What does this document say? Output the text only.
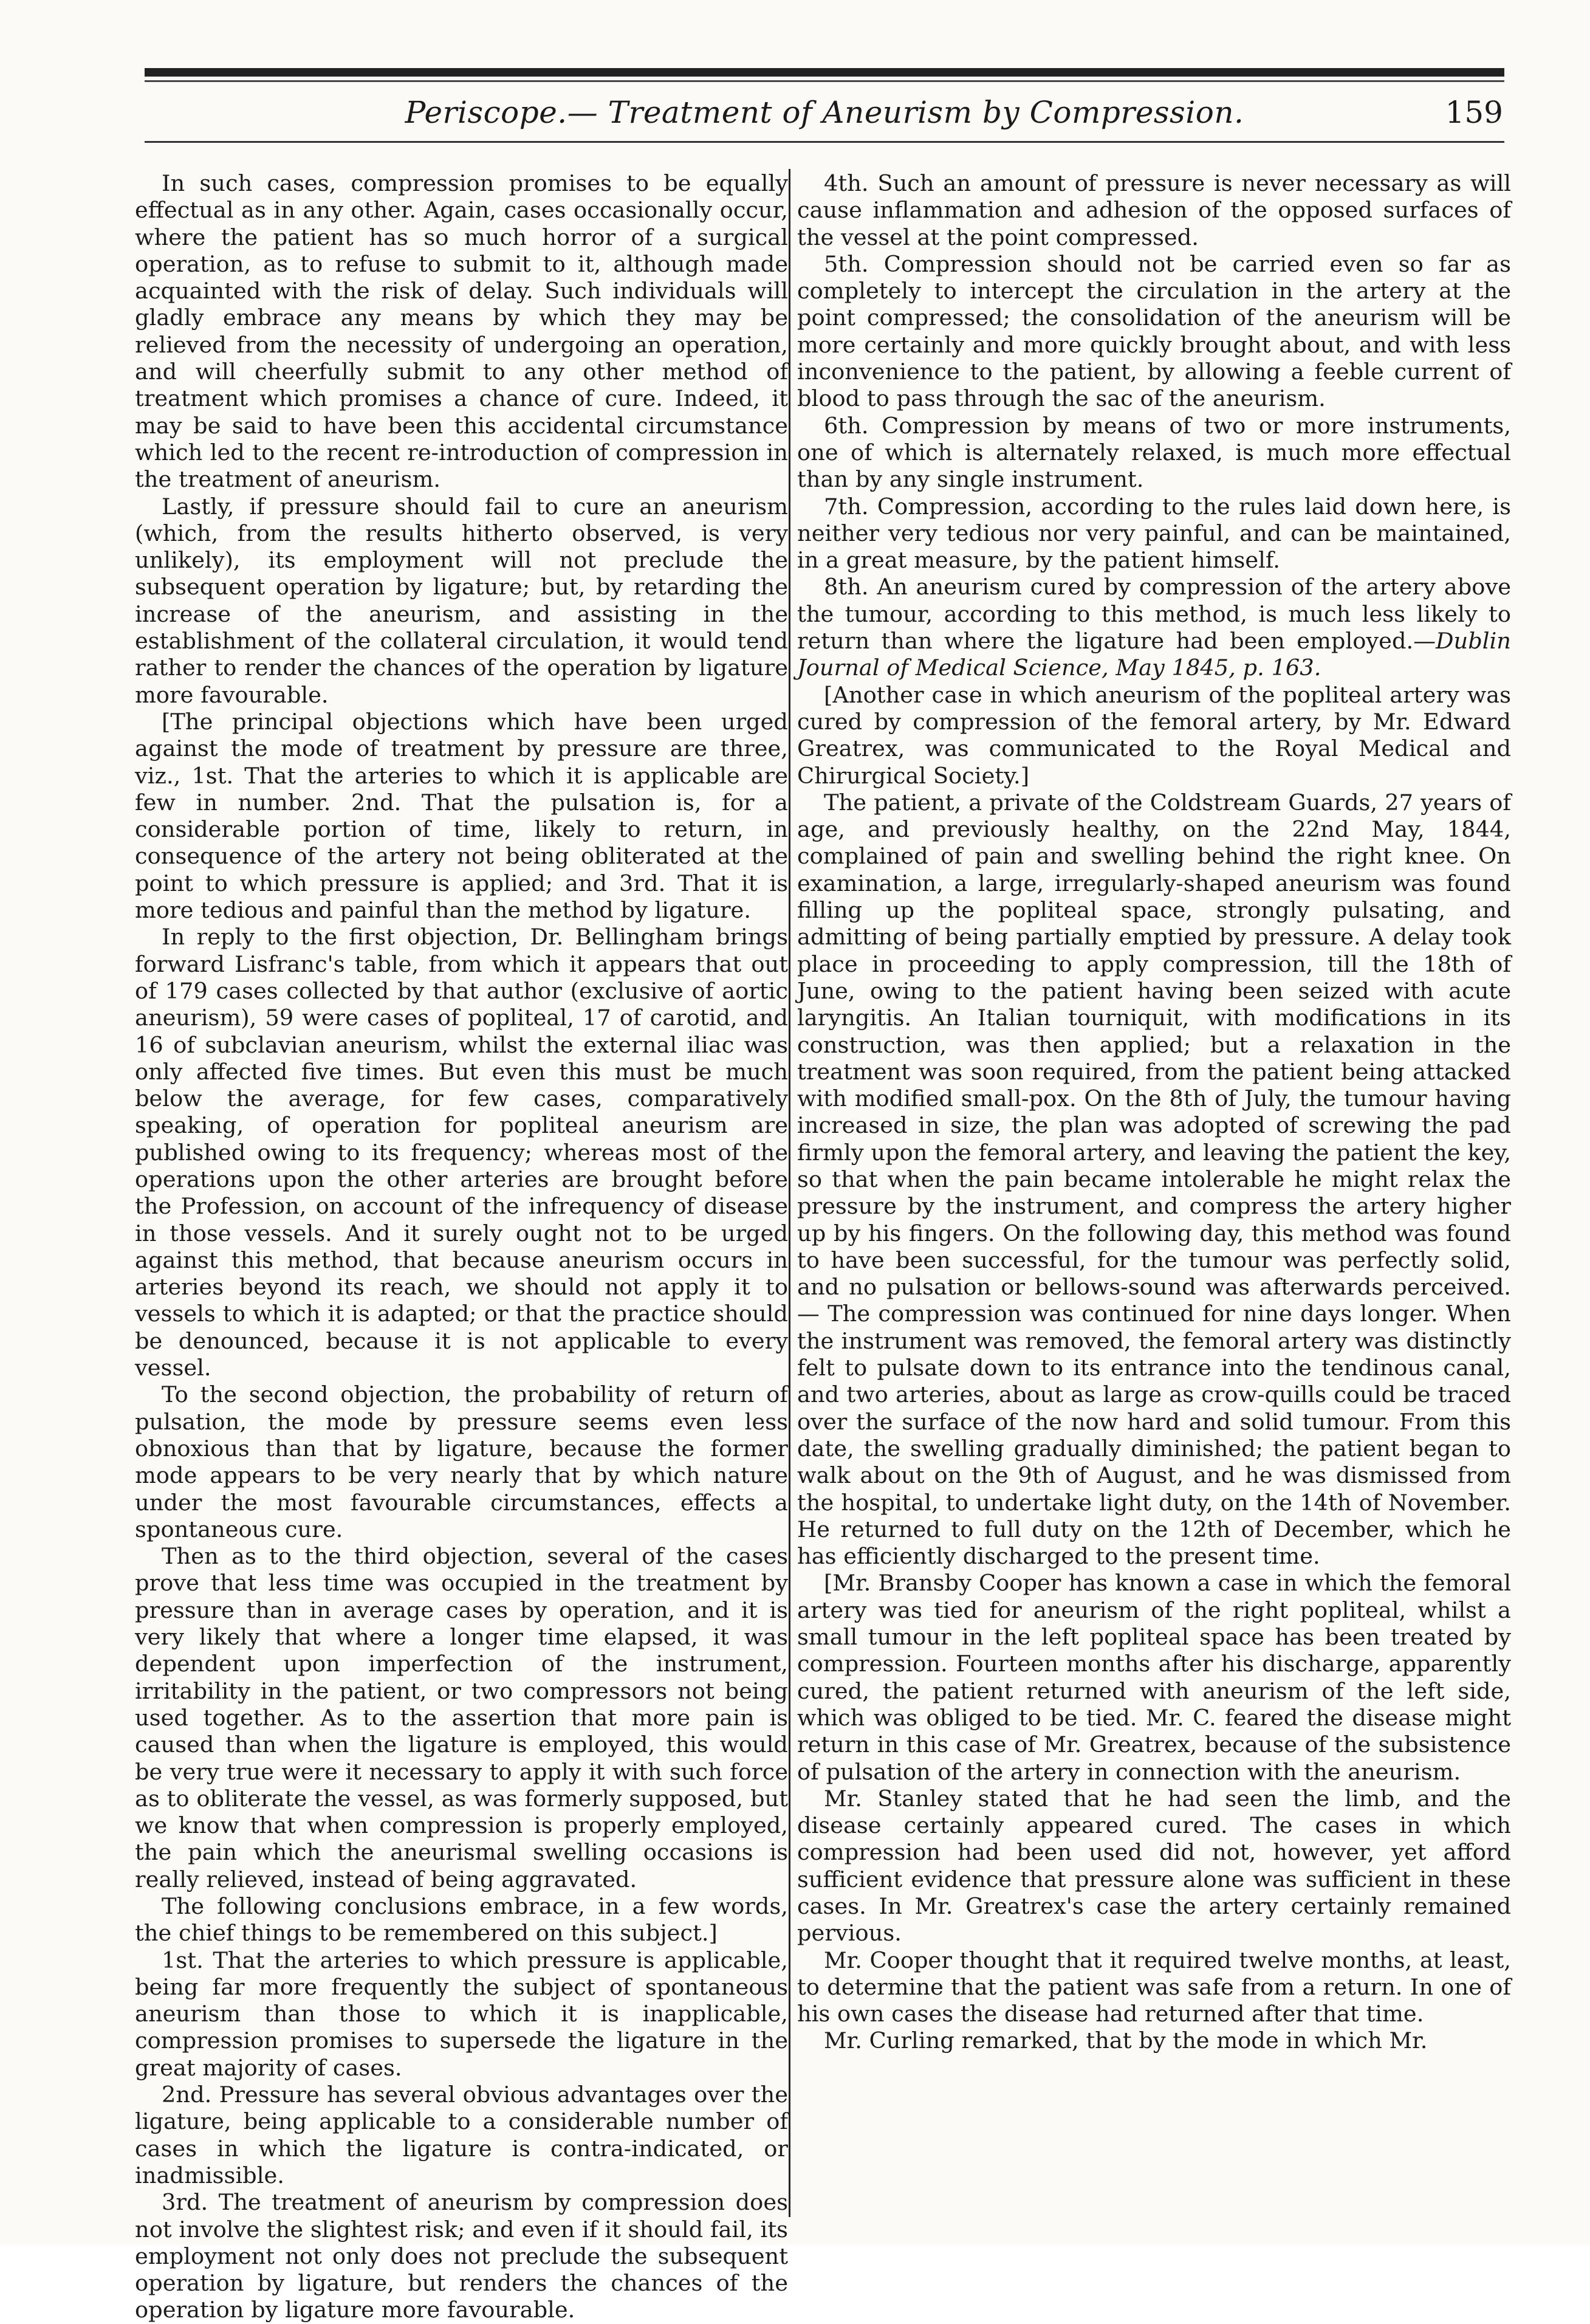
Periscope.— Treatment of Aneurism by Compression.	159

In such cases, compression promises to be equally effectual as in any other. Again, cases occasionally occur, where the patient has so much horror of a surgical operation, as to refuse to submit to it, although made acquainted with the risk of delay. Such individuals will gladly embrace any means by which they may be relieved from the necessity of undergoing an operation, and will cheerfully submit to any other method of treatment which promises a chance of cure. Indeed, it may be said to have been this accidental circumstance which led to the recent re-introduction of compression in the treatment of aneurism.

Lastly, if pressure should fail to cure an aneurism (which, from the results hitherto observed, is very unlikely), its employment will not preclude the subsequent operation by ligature; but, by retarding the increase of the aneurism, and assisting in the establishment of the collateral circulation, it would tend rather to render the chances of the operation by ligature more favourable.

[The principal objections which have been urged against the mode of treatment by pressure are three, viz., 1st. That the arteries to which it is applicable are few in number. 2nd. That the pulsation is, for a considerable portion of time, likely to return, in consequence of the artery not being obliterated at the point to which pressure is applied; and 3rd. That it is more tedious and painful than the method by ligature.

In reply to the first objection, Dr. Bellingham brings forward Lisfranc's table, from which it appears that out of 179 cases collected by that author (exclusive of aortic aneurism), 59 were cases of popliteal, 17 of carotid, and 16 of subclavian aneurism, whilst the external iliac was only affected five times. But even this must be much below the average, for few cases, comparatively speaking, of operation for popliteal aneurism are published owing to its frequency; whereas most of the operations upon the other arteries are brought before the Profession, on account of the infrequency of disease in those vessels. And it surely ought not to be urged against this method, that because aneurism occurs in arteries beyond its reach, we should not apply it to vessels to which it is adapted; or that the practice should be denounced, because it is not applicable to every vessel.

To the second objection, the probability of return of pulsation, the mode by pressure seems even less obnoxious than that by ligature, because the former mode appears to be very nearly that by which nature under the most favourable circumstances, effects a spontaneous cure.

Then as to the third objection, several of the cases prove that less time was occupied in the treatment by pressure than in average cases by operation, and it is very likely that where a longer time elapsed, it was dependent upon imperfection of the instrument, irritability in the patient, or two compressors not being used together. As to the assertion that more pain is caused than when the ligature is employed, this would be very true were it necessary to apply it with such force as to obliterate the vessel, as was formerly supposed, but we know that when compression is properly employed, the pain which the aneurismal swelling occasions is really relieved, instead of being aggravated.

The following conclusions embrace, in a few words, the chief things to be remembered on this subject.]

1st. That the arteries to which pressure is applicable, being far more frequently the subject of spontaneous aneurism than those to which it is inapplicable, compression promises to supersede the ligature in the great majority of cases.

2nd. Pressure has several obvious advantages over the ligature, being applicable to a considerable number of cases in which the ligature is contra-indicated, or inadmissible.

3rd. The treatment of aneurism by compression does not involve the slightest risk; and even if it should fail, its employment not only does not preclude the subsequent operation by ligature, but renders the chances of the operation by ligature more favourable.

4th. Such an amount of pressure is never necessary as will cause inflammation and adhesion of the opposed surfaces of the vessel at the point compressed.

5th. Compression should not be carried even so far as completely to intercept the circulation in the artery at the point compressed; the consolidation of the aneurism will be more certainly and more quickly brought about, and with less inconvenience to the patient, by allowing a feeble current of blood to pass through the sac of the aneurism.

6th. Compression by means of two or more instruments, one of which is alternately relaxed, is much more effectual than by any single instrument.

7th. Compression, according to the rules laid down here, is neither very tedious nor very painful, and can be maintained, in a great measure, by the patient himself.

8th. An aneurism cured by compression of the artery above the tumour, according to this method, is much less likely to return than where the ligature had been employed.—Dublin Journal of Medical Science, May 1845, p. 163.

[Another case in which aneurism of the popliteal artery was cured by compression of the femoral artery, by Mr. Edward Greatrex, was communicated to the Royal Medical and Chirurgical Society.]

The patient, a private of the Coldstream Guards, 27 years of age, and previously healthy, on the 22nd May, 1844, complained of pain and swelling behind the right knee. On examination, a large, irregularly-shaped aneurism was found filling up the popliteal space, strongly pulsating, and admitting of being partially emptied by pressure. A delay took place in proceeding to apply compression, till the 18th of June, owing to the patient having been seized with acute laryngitis. An Italian tourniquit, with modifications in its construction, was then applied; but a relaxation in the treatment was soon required, from the patient being attacked with modified small-pox. On the 8th of July, the tumour having increased in size, the plan was adopted of screwing the pad firmly upon the femoral artery, and leaving the patient the key, so that when the pain became intolerable he might relax the pressure by the instrument, and compress the artery higher up by his fingers. On the following day, this method was found to have been successful, for the tumour was perfectly solid, and no pulsation or bellows-sound was afterwards perceived.— The compression was continued for nine days longer. When the instrument was removed, the femoral artery was distinctly felt to pulsate down to its entrance into the tendinous canal, and two arteries, about as large as crow-quills could be traced over the surface of the now hard and solid tumour. From this date, the swelling gradually diminished; the patient began to walk about on the 9th of August, and he was dismissed from the hospital, to undertake light duty, on the 14th of November. He returned to full duty on the 12th of December, which he has efficiently discharged to the present time.

[Mr. Bransby Cooper has known a case in which the femoral artery was tied for aneurism of the right popliteal, whilst a small tumour in the left popliteal space has been treated by compression. Fourteen months after his discharge, apparently cured, the patient returned with aneurism of the left side, which was obliged to be tied. Mr. C. feared the disease might return in this case of Mr. Greatrex, because of the subsistence of pulsation of the artery in connection with the aneurism.

Mr. Stanley stated that he had seen the limb, and the disease certainly appeared cured. The cases in which compression had been used did not, however, yet afford sufficient evidence that pressure alone was sufficient in these cases. In Mr. Greatrex's case the artery certainly remained pervious.

Mr. Cooper thought that it required twelve months, at least, to determine that the patient was safe from a return. In one of his own cases the disease had returned after that time.

Mr. Curling remarked, that by the mode in which Mr.
